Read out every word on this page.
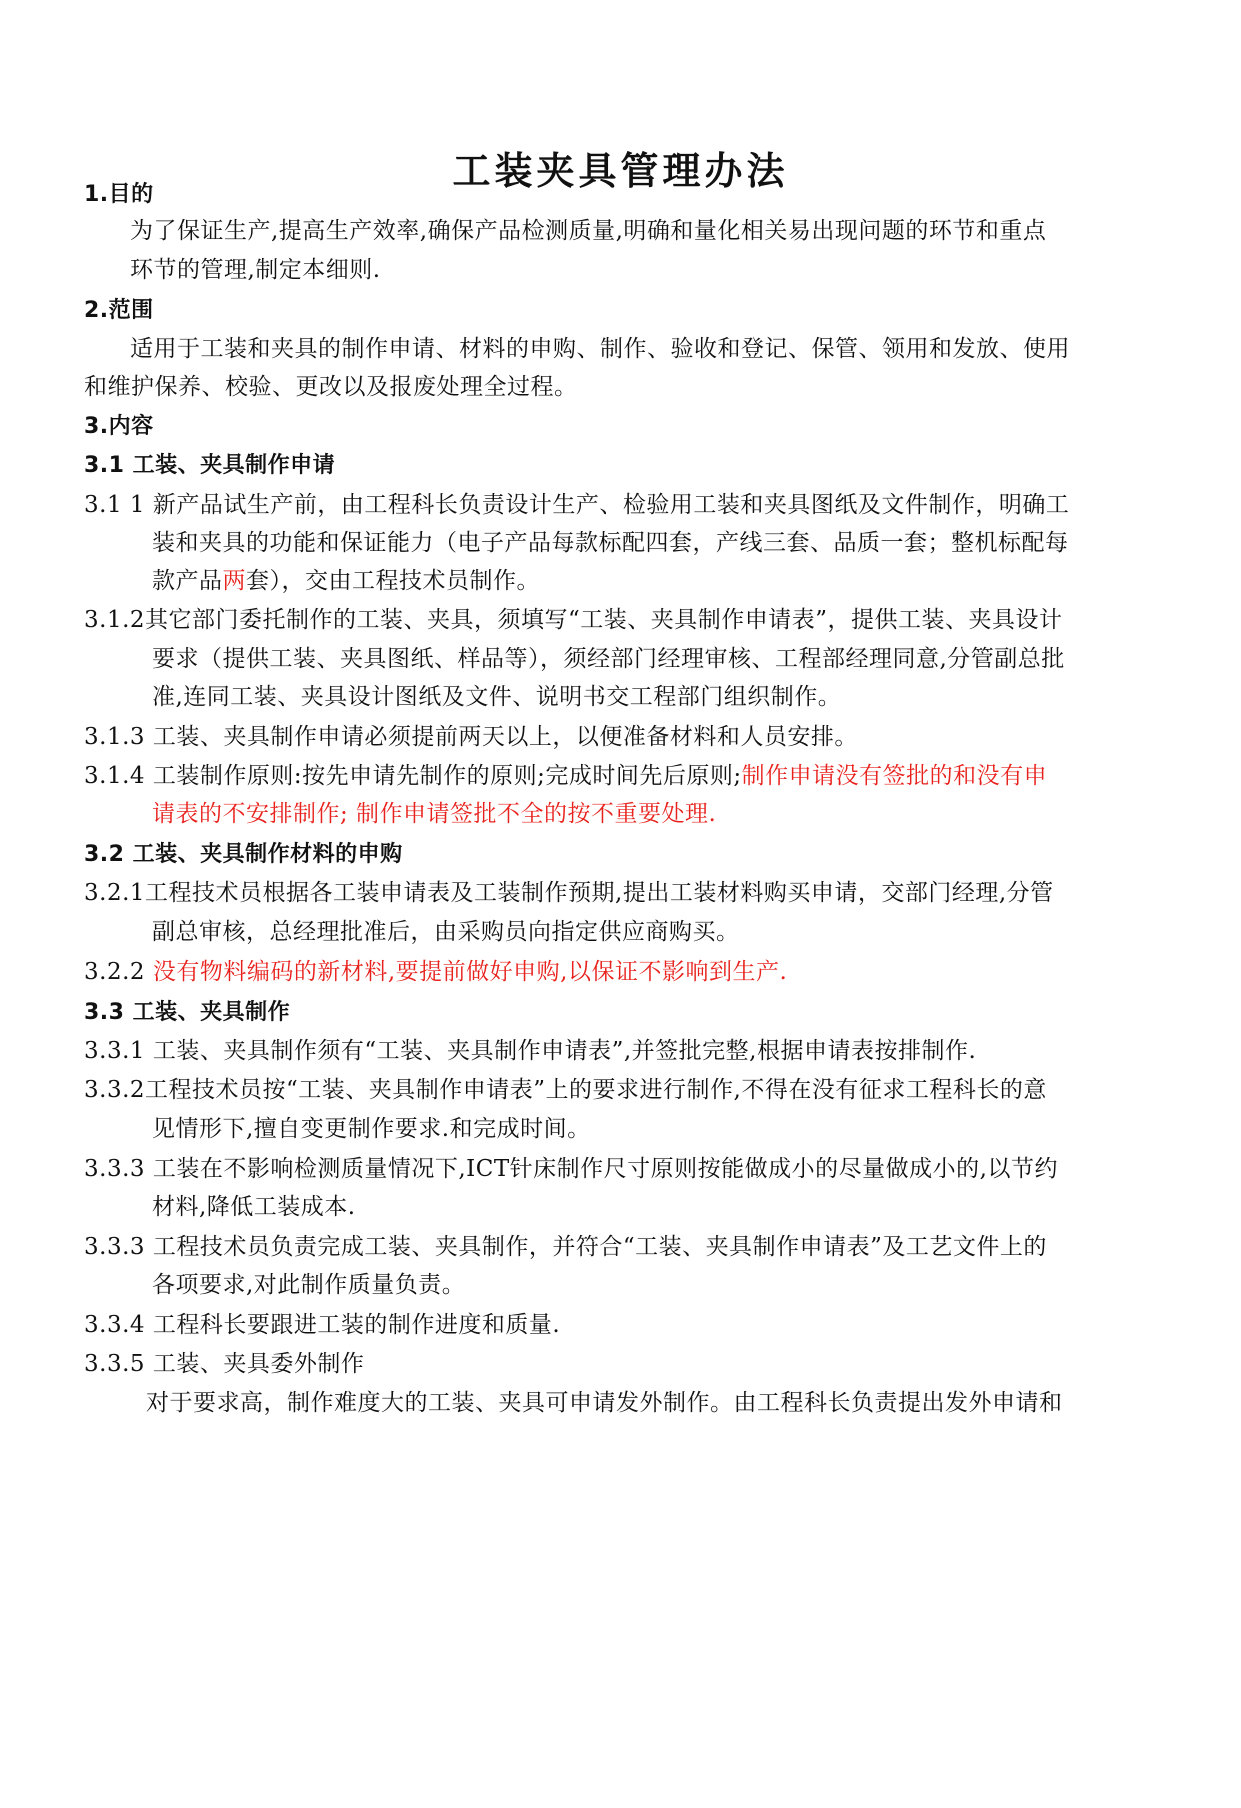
工装夹具管理办法
1.目的
为了保证生产,提高生产效率,确保产品检测质量,明确和量化相关易出现问题的环节和重点
环节的管理,制定本细则.
2.范围
适用于工装和夹具的制作申请、材料的申购、制作、验收和登记、保管、领用和发放、使用
和维护保养、校验、更改以及报废处理全过程。
3.内容
3.1 工装、夹具制作申请
3.1 1 新产品试生产前，由工程科长负责设计生产、检验用工装和夹具图纸及文件制作，明确工
装和夹具的功能和保证能力（电子产品每款标配四套，产线三套、品质一套；整机标配每
款产品两套），交由工程技术员制作。
3.1.2其它部门委托制作的工装、夹具，须填写“工装、夹具制作申请表”，提供工装、夹具设计
要求（提供工装、夹具图纸、样品等），须经部门经理审核、工程部经理同意,分管副总批
准,连同工装、夹具设计图纸及文件、说明书交工程部门组织制作。
3.1.3 工装、夹具制作申请必须提前两天以上，以便准备材料和人员安排。
3.1.4 工装制作原则:按先申请先制作的原则;完成时间先后原则;制作申请没有签批的和没有申
请表的不安排制作; 制作申请签批不全的按不重要处理.
3.2 工装、夹具制作材料的申购
3.2.1工程技术员根据各工装申请表及工装制作预期,提出工装材料购买申请，交部门经理,分管
副总审核，总经理批准后，由采购员向指定供应商购买。
3.2.2 没有物料编码的新材料,要提前做好申购,以保证不影响到生产.
3.3 工装、夹具制作
3.3.1 工装、夹具制作须有“工装、夹具制作申请表”,并签批完整,根据申请表按排制作.
3.3.2工程技术员按“工装、夹具制作申请表”上的要求进行制作,不得在没有征求工程科长的意
见情形下,擅自变更制作要求.和完成时间。
3.3.3 工装在不影响检测质量情况下,ICT针床制作尺寸原则按能做成小的尽量做成小的,以节约
材料,降低工装成本.
3.3.3 工程技术员负责完成工装、夹具制作，并符合“工装、夹具制作申请表”及工艺文件上的
各项要求,对此制作质量负责。
3.3.4 工程科长要跟进工装的制作进度和质量.
3.3.5 工装、夹具委外制作
对于要求高，制作难度大的工装、夹具可申请发外制作。由工程科长负责提出发外申请和
